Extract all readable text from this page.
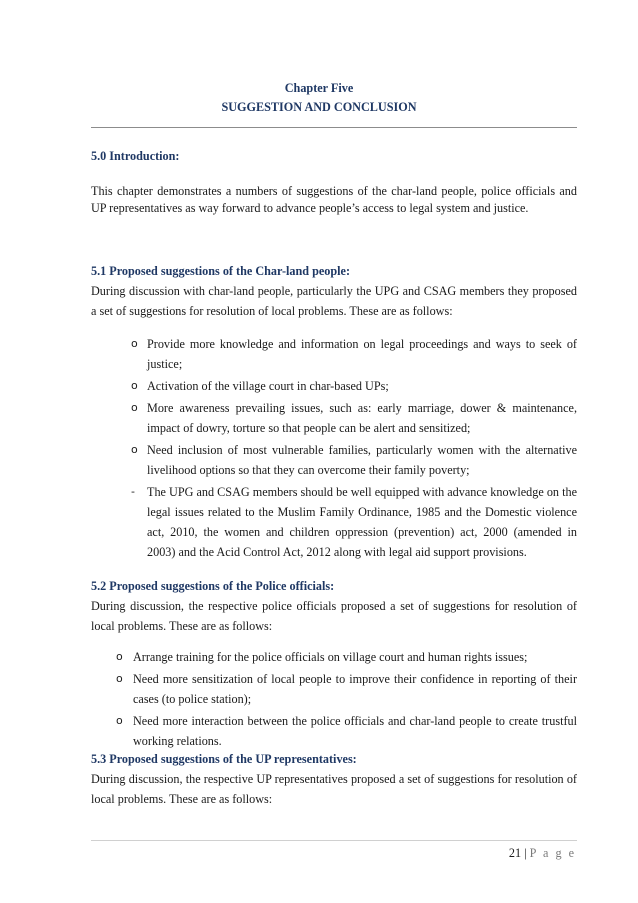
Chapter Five
SUGGESTION AND CONCLUSION
5.0 Introduction:
This chapter demonstrates a numbers of suggestions of the char-land people, police officials and UP representatives as way forward to advance people’s access to legal system and justice.
5.1 Proposed suggestions of the Char-land people:
During discussion with char-land people, particularly the UPG and CSAG members they proposed a set of suggestions for resolution of local problems. These are as follows:
o Provide more knowledge and information on legal proceedings and ways to seek of justice;
o Activation of the village court in char-based UPs;
o More awareness prevailing issues, such as: early marriage, dower & maintenance, impact of dowry, torture so that people can be alert and sensitized;
o Need inclusion of most vulnerable families, particularly women with the alternative livelihood options so that they can overcome their family poverty;
- The UPG and CSAG members should be well equipped with advance knowledge on the legal issues related to the Muslim Family Ordinance, 1985 and the Domestic violence act, 2010, the women and children oppression (prevention) act, 2000 (amended in 2003) and the Acid Control Act, 2012 along with legal aid support provisions.
5.2 Proposed suggestions of the Police officials:
During discussion, the respective police officials proposed a set of suggestions for resolution of local problems. These are as follows:
o Arrange training for the police officials on village court and human rights issues;
o Need more sensitization of local people to improve their confidence in reporting of their cases (to police station);
o Need more interaction between the police officials and char-land people to create trustful working relations.
5.3 Proposed suggestions of the UP representatives:
During discussion, the respective UP representatives proposed a set of suggestions for resolution of local problems. These are as follows:
21 | P a g e
